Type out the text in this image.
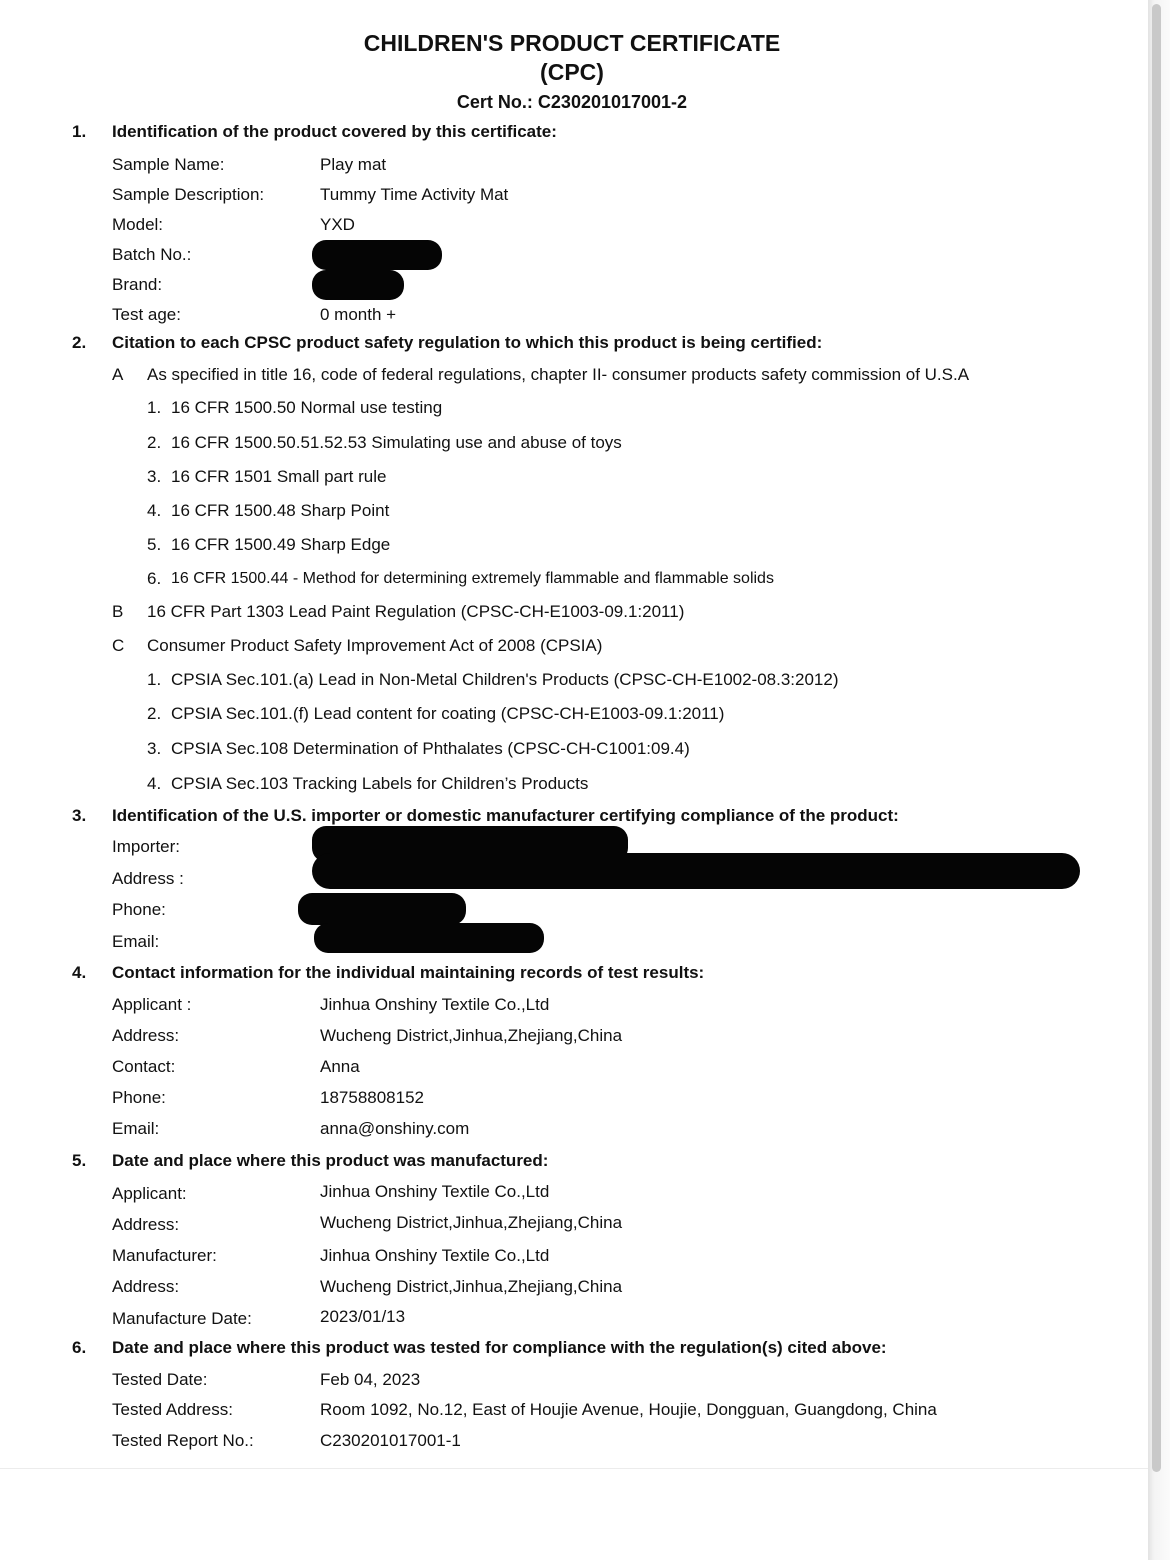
CHILDREN'S PRODUCT CERTIFICATE
(CPC)
Cert No.: C230201017001-2
1. Identification of the product covered by this certificate:
Sample Name:	Play mat
Sample Description:	Tummy Time Activity Mat
Model:	YXD
Batch No.:
Brand:
Test age:	0 month +
2. Citation to each CPSC product safety regulation to which this product is being certified:
A As specified in title 16, code of federal regulations, chapter II- consumer products safety commission of U.S.A
1. 16 CFR 1500.50 Normal use testing
2. 16 CFR 1500.50.51.52.53 Simulating use and abuse of toys
3. 16 CFR 1501 Small part rule
4. 16 CFR 1500.48 Sharp Point
5. 16 CFR 1500.49 Sharp Edge
6. 16 CFR 1500.44 - Method for determining extremely flammable and flammable solids
B 16 CFR Part 1303 Lead Paint Regulation (CPSC-CH-E1003-09.1:2011)
C Consumer Product Safety Improvement Act of 2008 (CPSIA)
1. CPSIA Sec.101.(a) Lead in Non-Metal Children's Products (CPSC-CH-E1002-08.3:2012)
2. CPSIA Sec.101.(f) Lead content for coating (CPSC-CH-E1003-09.1:2011)
3. CPSIA Sec.108 Determination of Phthalates (CPSC-CH-C1001:09.4)
4. CPSIA Sec.103 Tracking Labels for Children’s Products
3. Identification of the U.S. importer or domestic manufacturer certifying compliance of the product:
Importer:
Address :
Phone:
Email:
4. Contact information for the individual maintaining records of test results:
Applicant :	Jinhua Onshiny Textile Co.,Ltd
Address:	Wucheng District,Jinhua,Zhejiang,China
Contact:	Anna
Phone:	18758808152
Email:	anna@onshiny.com
5. Date and place where this product was manufactured:
Applicant:	Jinhua Onshiny Textile Co.,Ltd
Address:	Wucheng District,Jinhua,Zhejiang,China
Manufacturer:	Jinhua Onshiny Textile Co.,Ltd
Address:	Wucheng District,Jinhua,Zhejiang,China
Manufacture Date:	2023/01/13
6. Date and place where this product was tested for compliance with the regulation(s) cited above:
Tested Date:	Feb 04, 2023
Tested Address:	Room 1092, No.12, East of Houjie Avenue, Houjie, Dongguan, Guangdong, China
Tested Report No.:	C230201017001-1
